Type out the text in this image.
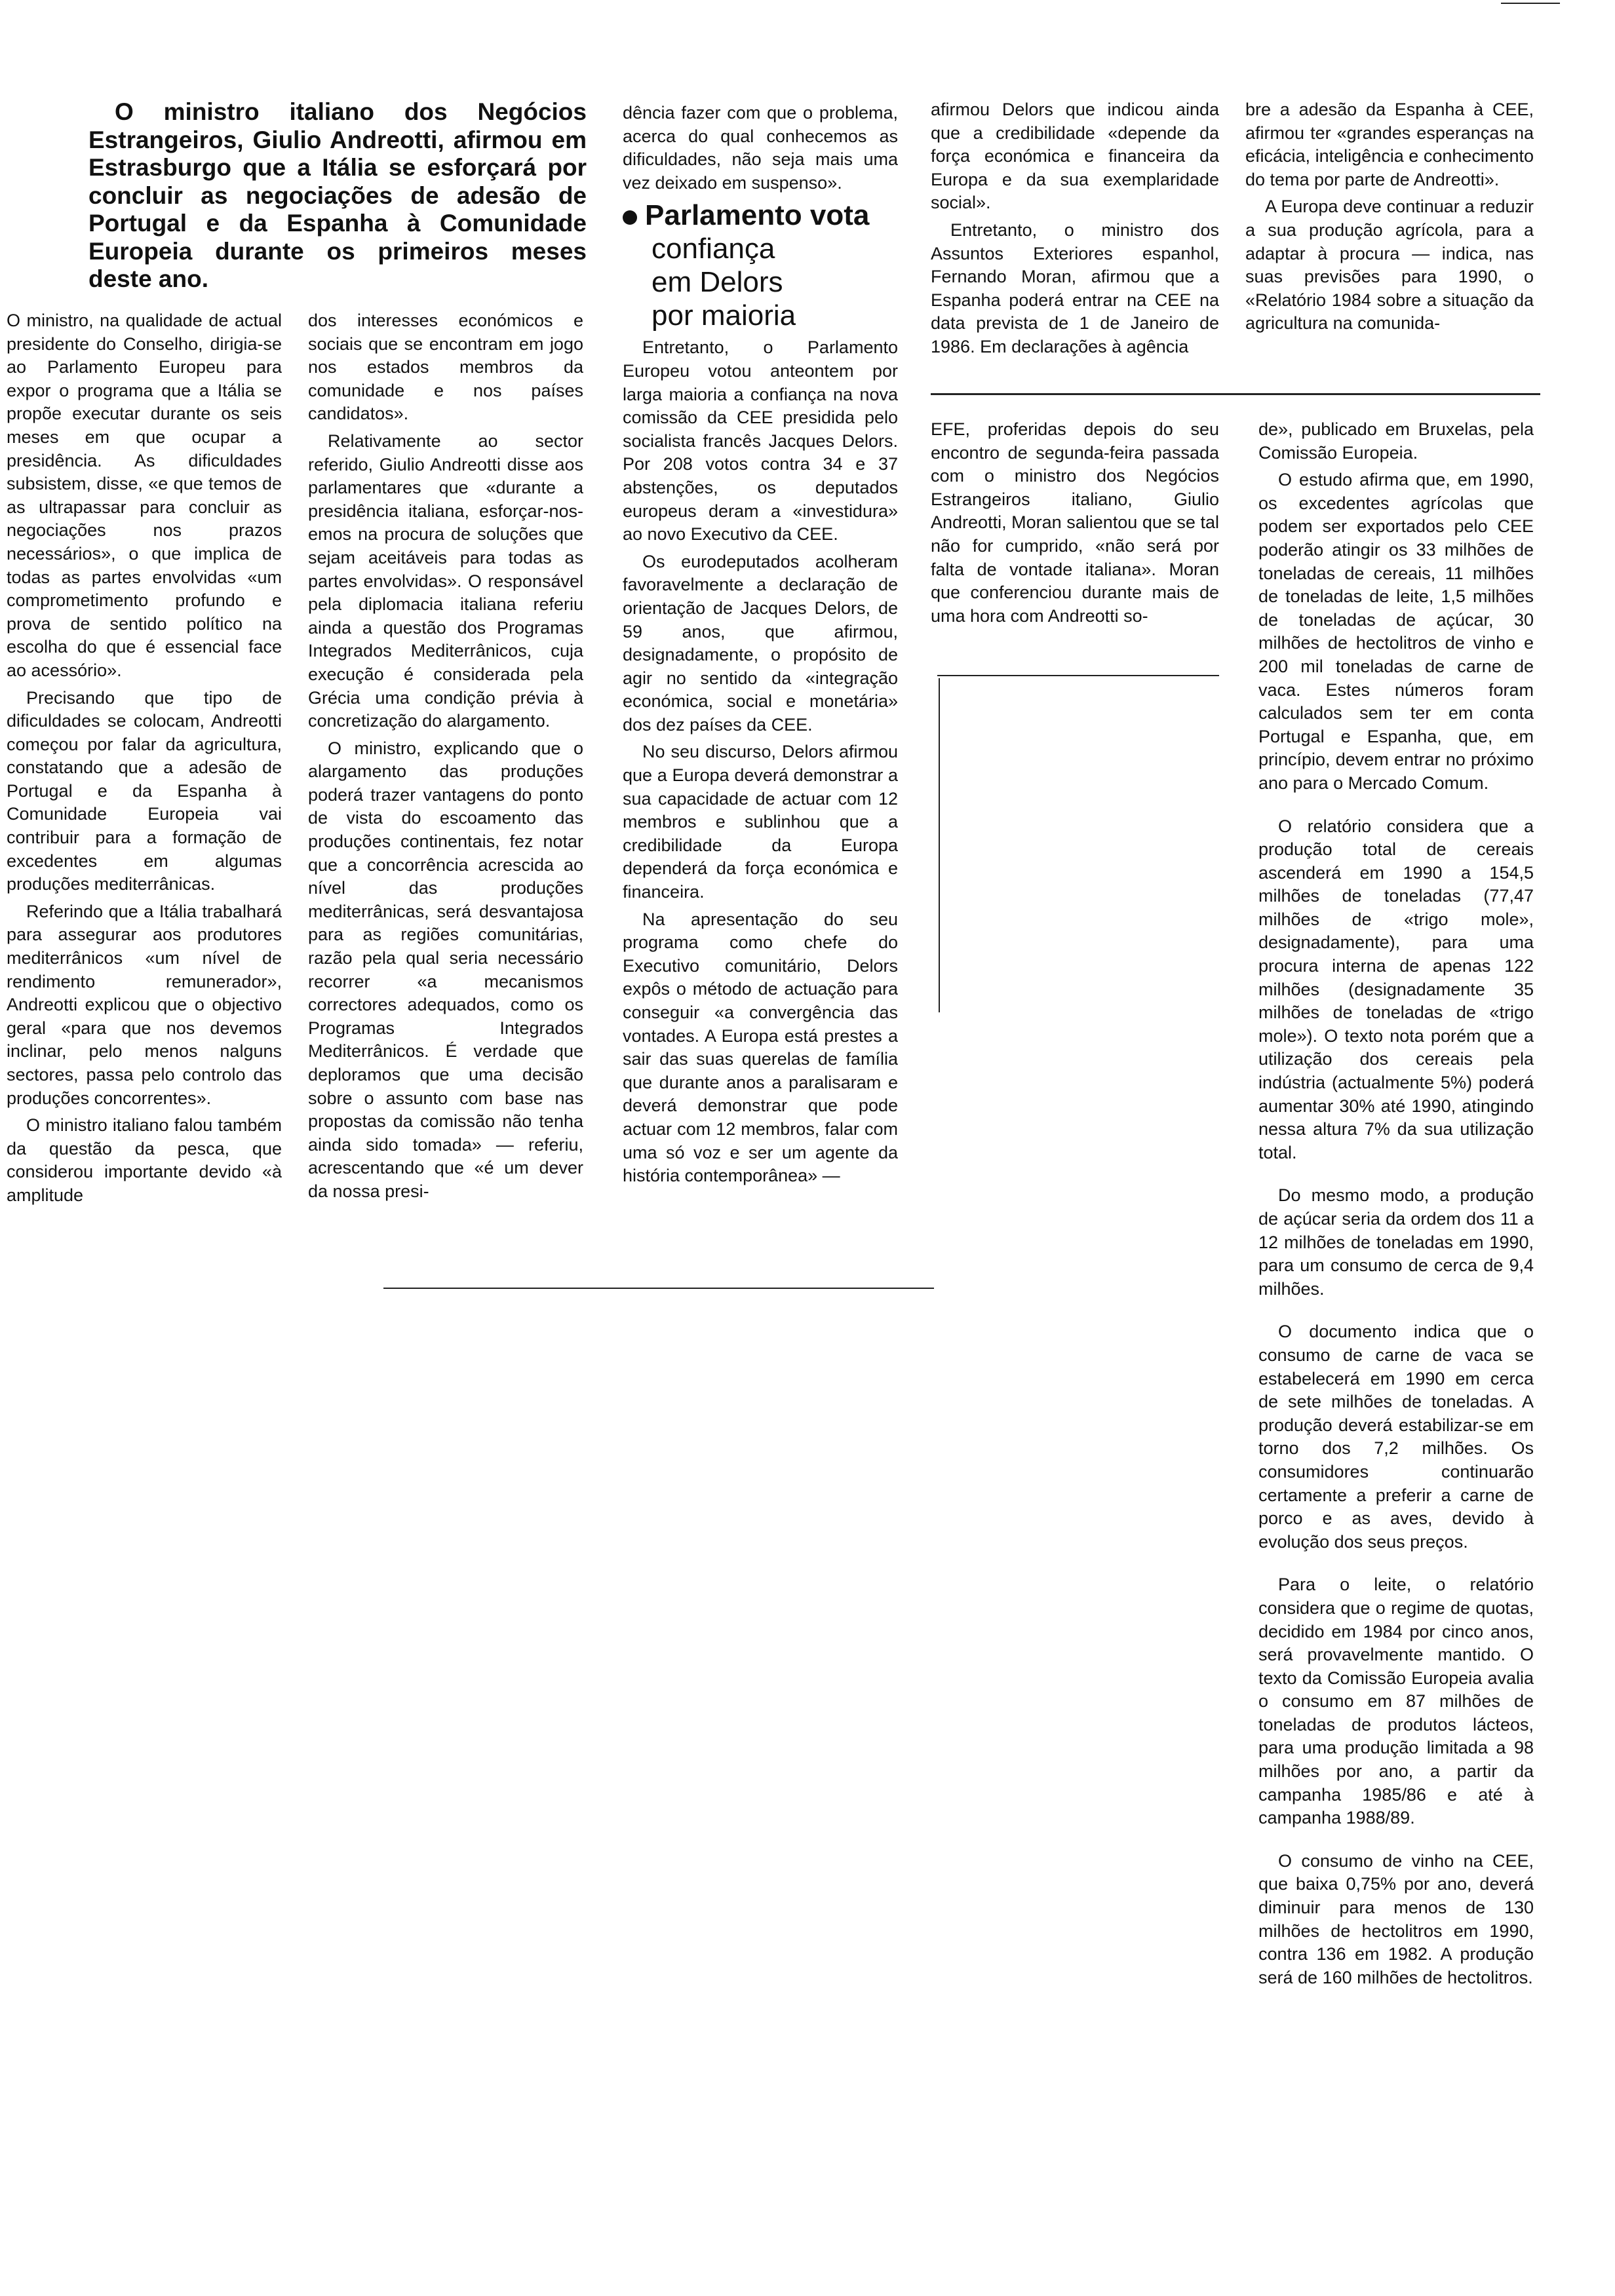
O ministro italiano dos Negócios Estrangeiros, Giulio Andreotti, afirmou em Estrasburgo que a Itália se esforçará por concluir as negociações de adesão de Portugal e da Espanha à Comunidade Europeia durante os primeiros meses deste ano.

O ministro, na qualidade de actual presidente do Conselho, dirigia-se ao Parlamento Europeu para expor o programa que a Itália se propõe executar durante os seis meses em que ocupar a presidência. As dificuldades subsistem, disse, «e que temos de as ultrapassar para concluir as negociações nos prazos necessários», o que implica de todas as partes envolvidas «um comprometimento profundo e prova de sentido político na escolha do que é essencial face ao acessório».

Precisando que tipo de dificuldades se colocam, Andreotti começou por falar da agricultura, constatando que a adesão de Portugal e da Espanha à Comunidade Europeia vai contribuir para a formação de excedentes em algumas produções mediterrânicas.

Referindo que a Itália trabalhará para assegurar aos produtores mediterrânicos «um nível de rendimento remunerador», Andreotti explicou que o objectivo geral «para que nos devemos inclinar, pelo menos nalguns sectores, passa pelo controlo das produções concorrentes».

O ministro italiano falou também da questão da pesca, que considerou importante devido «à amplitude

dos interesses económicos e sociais que se encontram em jogo nos estados membros da comunidade e nos países candidatos».

Relativamente ao sector referido, Giulio Andreotti disse aos parlamentares que «durante a presidência italiana, esforçar-nos-emos na procura de soluções que sejam aceitáveis para todas as partes envolvidas». O responsável pela diplomacia italiana referiu ainda a questão dos Programas Integrados Mediterrânicos, cuja execução é considerada pela Grécia uma condição prévia à concretização do alargamento.

O ministro, explicando que o alargamento das produções poderá trazer vantagens do ponto de vista do escoamento das produções continentais, fez notar que a concorrência acrescida ao nível das produções mediterrânicas, será desvantajosa para as regiões comunitárias, razão pela qual seria necessário recorrer «a mecanismos correctores adequados, como os Programas Integrados Mediterrânicos. É verdade que deploramos que uma decisão sobre o assunto com base nas propostas da comissão não tenha ainda sido tomada» — referiu, acrescentando que «é um dever da nossa presi-

dência fazer com que o problema, acerca do qual conhecemos as dificuldades, não seja mais uma vez deixado em suspenso».

Parlamento vota
confiança
em Delors
por maioria

Entretanto, o Parlamento Europeu votou anteontem por larga maioria a confiança na nova comissão da CEE presidida pelo socialista francês Jacques Delors. Por 208 votos contra 34 e 37 abstenções, os deputados europeus deram a «investidura» ao novo Executivo da CEE.

Os eurodeputados acolheram favoravelmente a declaração de orientação de Jacques Delors, de 59 anos, que afirmou, designadamente, o propósito de agir no sentido da «integração económica, social e monetária» dos dez países da CEE.

No seu discurso, Delors afirmou que a Europa deverá demonstrar a sua capacidade de actuar com 12 membros e sublinhou que a credibilidade da Europa dependerá da força económica e financeira.

Na apresentação do seu programa como chefe do Executivo comunitário, Delors expôs o método de actuação para conseguir «a convergência das vontades. A Europa está prestes a sair das suas querelas de família que durante anos a paralisaram e deverá demonstrar que pode actuar com 12 membros, falar com uma só voz e ser um agente da história contemporânea» —

afirmou Delors que indicou ainda que a credibilidade «depende da força económica e financeira da Europa e da sua exemplaridade social».

Entretanto, o ministro dos Assuntos Exteriores espanhol, Fernando Moran, afirmou que a Espanha poderá entrar na CEE na data prevista de 1 de Janeiro de 1986. Em declarações à agência

EFE, proferidas depois do seu encontro de segunda-feira passada com o ministro dos Negócios Estrangeiros italiano, Giulio Andreotti, Moran salientou que se tal não for cumprido, «não será por falta de vontade italiana». Moran que conferenciou durante mais de uma hora com Andreotti so-

bre a adesão da Espanha à CEE, afirmou ter «grandes esperanças na eficácia, inteligência e conhecimento do tema por parte de Andreotti».

A Europa deve continuar a reduzir a sua produção agrícola, para a adaptar à procura — indica, nas suas previsões para 1990, o «Relatório 1984 sobre a situação da agricultura na comunida-

de», publicado em Bruxelas, pela Comissão Europeia.

O estudo afirma que, em 1990, os excedentes agrícolas que podem ser exportados pelo CEE poderão atingir os 33 milhões de toneladas de cereais, 11 milhões de toneladas de leite, 1,5 milhões de toneladas de açúcar, 30 milhões de hectolitros de vinho e 200 mil toneladas de carne de vaca. Estes números foram calculados sem ter em conta Portugal e Espanha, que, em princípio, devem entrar no próximo ano para o Mercado Comum.

O relatório considera que a produção total de cereais ascenderá em 1990 a 154,5 milhões de toneladas (77,47 milhões de «trigo mole», designadamente), para uma procura interna de apenas 122 milhões (designadamente 35 milhões de toneladas de «trigo mole»). O texto nota porém que a utilização dos cereais pela indústria (actualmente 5%) poderá aumentar 30% até 1990, atingindo nessa altura 7% da sua utilização total.

Do mesmo modo, a produção de açúcar seria da ordem dos 11 a 12 milhões de toneladas em 1990, para um consumo de cerca de 9,4 milhões.

O documento indica que o consumo de carne de vaca se estabelecerá em 1990 em cerca de sete milhões de toneladas. A produção deverá estabilizar-se em torno dos 7,2 milhões. Os consumidores continuarão certamente a preferir a carne de porco e as aves, devido à evolução dos seus preços.

Para o leite, o relatório considera que o regime de quotas, decidido em 1984 por cinco anos, será provavelmente mantido. O texto da Comissão Europeia avalia o consumo em 87 milhões de toneladas de produtos lácteos, para uma produção limitada a 98 milhões por ano, a partir da campanha 1985/86 e até à campanha 1988/89.

O consumo de vinho na CEE, que baixa 0,75% por ano, deverá diminuir para menos de 130 milhões de hectolitros em 1990, contra 136 em 1982. A produção será de 160 milhões de hectolitros.
